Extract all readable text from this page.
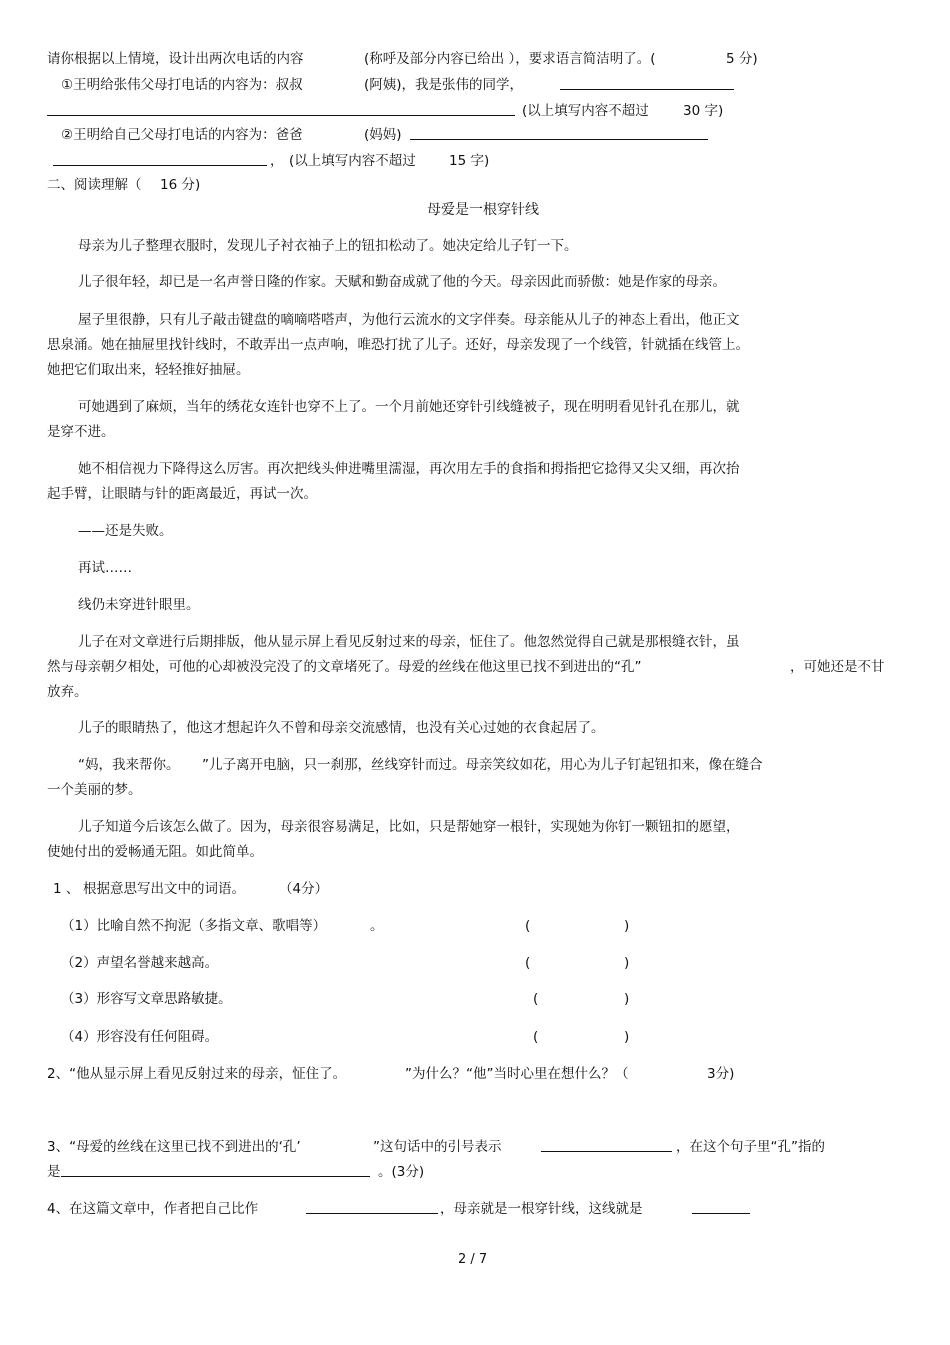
请你根据以上情境，设计出两次电话的内容	(称呼及部分内容已给出 ），要求语言简洁明了。(	5 分)
①王明给张伟父母打电话的内容为：叔叔	(阿姨)，我是张伟的同学，
(以上填写内容不超过	30 字)
②王明给自己父母打电话的内容为：爸爸	(妈妈)
， (以上填写内容不超过 15 字)
二、阅读理解（ 16 分)
母爱是一根穿针线
母亲为儿子整理衣服时，发现儿子衬衣袖子上的钮扣松动了。她决定给儿子钉一下。
儿子很年轻，却已是一名声誉日隆的作家。天赋和勤奋成就了他的今天。母亲因此而骄傲：她是作家的母亲。
屋子里很静，只有儿子敲击键盘的嘀嘀嗒嗒声，为他行云流水的文字伴奏。母亲能从儿子的神态上看出，他正文
思泉涌。她在抽屉里找针线时，不敢弄出一点声响，唯恐打扰了儿子。还好，母亲发现了一个线管，针就插在线管上。
她把它们取出来，轻轻推好抽屉。
可她遇到了麻烦，当年的绣花女连针也穿不上了。一个月前她还穿针引线缝被子，现在明明看见针孔在那儿，就
是穿不进。
她不相信视力下降得这么厉害。再次把线头伸进嘴里濡湿，再次用左手的食指和拇指把它捻得又尖又细，再次抬
起手臂，让眼睛与针的距离最近，再试一次。
——还是失败。
再试……
线仍未穿进针眼里。
儿子在对文章进行后期排版，他从显示屏上看见反射过来的母亲，怔住了。他忽然觉得自己就是那根缝衣针，虽
然与母亲朝夕相处，可他的心却被没完没了的文章堵死了。母爱的丝线在他这里已找不到进出的“孔”	，可她还是不甘
放弃。
儿子的眼睛热了，他这才想起许久不曾和母亲交流感情，也没有关心过她的衣食起居了。
“妈，我来帮你。 ”儿子离开电脑，只一刹那，丝线穿针而过。母亲笑纹如花，用心为儿子钉起钮扣来，像在缝合
一个美丽的梦。
儿子知道今后该怎么做了。因为，母亲很容易满足，比如，只是帮她穿一根针，实现她为你钉一颗钮扣的愿望，
使她付出的爱畅通无阻。如此简单。
1 、 根据意思写出文中的词语。	（4分）
（1）比喻自然不拘泥（多指文章、歌唱等）	。	(	)
（2）声望名誉越来越高。	(	)
（3）形容写文章思路敏捷。	(	)
（4）形容没有任何阻碍。	(	)
2、“他从显示屏上看见反射过来的母亲，怔住了。	”为什么？“他”当时心里在想什么？（	3分)
3、“母爱的丝线在这里已找不到进出的‘孔’	”这句话中的引号表示	，在这个句子里“孔”指的
是	。(3分)
4、在这篇文章中，作者把自己比作	，母亲就是一根穿针线，这线就是
2 / 7
